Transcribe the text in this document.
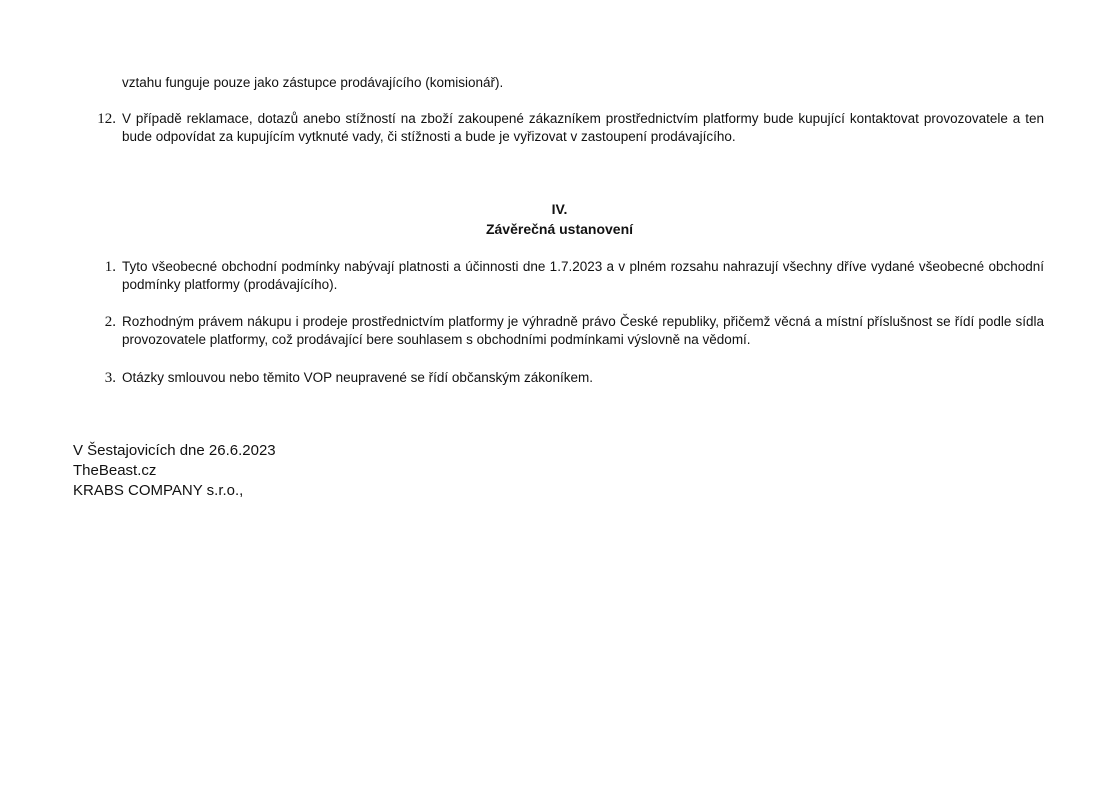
vztahu funguje pouze jako zástupce prodávajícího (komisionář).
12. V případě reklamace, dotazů anebo stížností na zboží zakoupené zákazníkem prostřednictvím platformy bude kupující kontaktovat provozovatele a ten bude odpovídat za kupujícím vytknuté vady, či stížnosti a bude je vyřizovat v zastoupení prodávajícího.
IV.
Závěrečná ustanovení
1. Tyto všeobecné obchodní podmínky nabývají platnosti a účinnosti dne 1.7.2023 a v plném rozsahu nahrazují všechny dříve vydané všeobecné obchodní podmínky platformy (prodávajícího).
2. Rozhodným právem nákupu i prodeje prostřednictvím platformy je výhradně právo České republiky, přičemž věcná a místní příslušnost se řídí podle sídla provozovatele platformy, což prodávající bere souhlasem s obchodními podmínkami výslovně na vědomí.
3. Otázky smlouvou nebo těmito VOP neupravené se řídí občanským zákoníkem.
V Šestajovicích dne 26.6.2023
TheBeast.cz
KRABS COMPANY s.r.o.,
